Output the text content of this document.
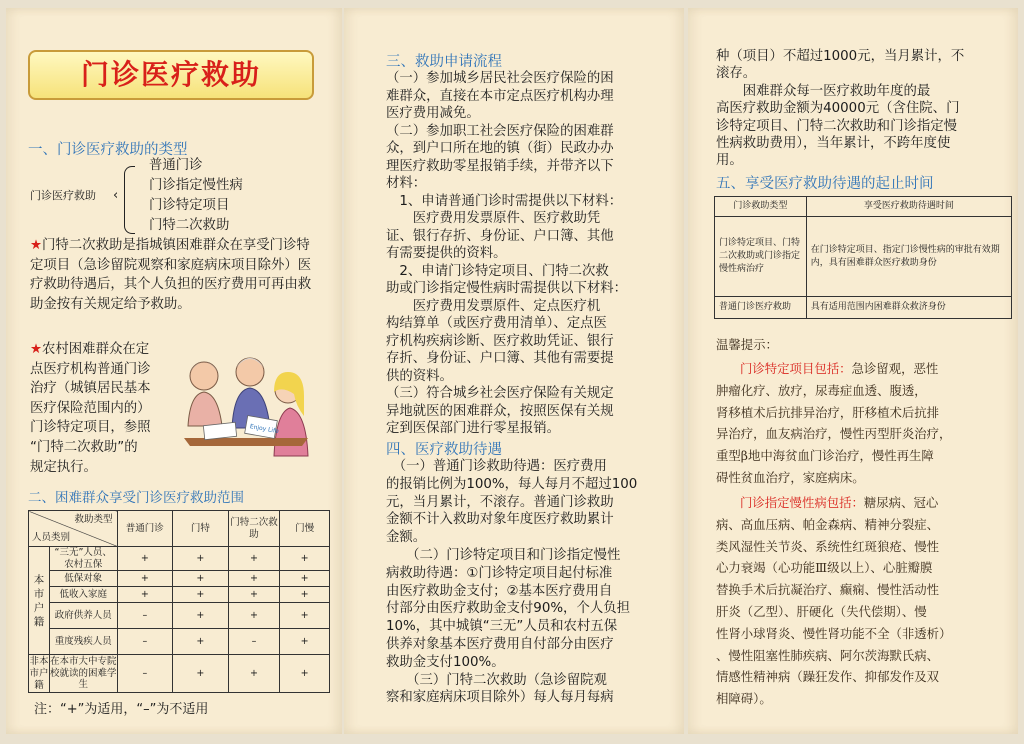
门诊医疗救助
一、门诊医疗救助的类型
门诊医疗救助 ‹
普通门诊
门诊指定慢性病
门诊特定项目
门特二次救助
★门特二次救助是指城镇困难群众在享受门诊特定项目（急诊留院观察和家庭病床项目除外）医疗救助待遇后，其个人负担的医疗费用可再由救助金按有关规定给予救助。
★农村困难群众在定
点医疗机构普通门诊
治疗（城镇居民基本
医疗保险范围内的）
门诊特定项目，参照
“门特二次救助”的
规定执行。
Enjoy Life
二、困难群众享受门诊医疗救助范围
救助类型
人员类别		普通门诊	门特	门特二次救助	门慢
本市户籍	“三无”人员、农村五保	+	+	+	+
	低保对象	+	+	+	+
	低收入家庭	+	+	+	+
	政府供养人员	–	+	+	+
	重度残疾人员	–	+	–	+
非本市户籍	在本市大中专院校就读的困难学生	–	+	+	+
注：“+”为适用，“–”为不适用
三、救助申请流程
（一）参加城乡居民社会医疗保险的困
难群众，直接在本市定点医疗机构办理
医疗费用减免。
（二）参加职工社会医疗保险的困难群
众，到户口所在地的镇（街）民政办办
理医疗救助零星报销手续，并带齐以下
材料：
　1、申请普通门诊时需提供以下材料：
　　医疗费用发票原件、医疗救助凭
证、银行存折、身份证、户口簿、其他
有需要提供的资料。
　2、申请门诊特定项目、门特二次救
助或门诊指定慢性病时需提供以下材料：
　　医疗费用发票原件、定点医疗机
构结算单（或医疗费用清单）、定点医
疗机构疾病诊断、医疗救助凭证、银行
存折、身份证、户口簿、其他有需要提
供的资料。
（三）符合城乡社会医疗保险有关规定
异地就医的困难群众，按照医保有关规
定到医保部门进行零星报销。
四、医疗救助待遇
　（一）普通门诊救助待遇：医疗费用
的报销比例为100%，每人每月不超过100
元，当月累计，不滚存。普通门诊救助
金额不计入救助对象年度医疗救助累计
金额。
　　（二）门诊特定项目和门诊指定慢性
病救助待遇：①门诊特定项目起付标准
由医疗救助金支付；②基本医疗费用自
付部分由医疗救助金支付90%，个人负担
10%，其中城镇“三无”人员和农村五保
供养对象基本医疗费用自付部分由医疗
救助金支付100%。
　　（三）门特二次救助（急诊留院观
察和家庭病床项目除外）每人每月每病
种（项目）不超过1000元，当月累计，不
滚存。
　　困难群众每一医疗救助年度的最
高医疗救助金额为40000元（含住院、门
诊特定项目、门特二次救助和门诊指定慢
性病救助费用），当年累计，不跨年度使
用。
五、享受医疗救助待遇的起止时间
门诊救助类型	享受医疗救助待遇时间
门诊特定项目、门特二次救助或门诊指定慢性病治疗	在门诊特定项目、指定门诊慢性病的审批有效期内，具有困难群众医疗救助身份
普通门诊医疗救助	具有适用范围内困难群众救济身份
温馨提示：
门诊特定项目包括：急诊留观，恶性
肿瘤化疗、放疗，尿毒症血透、腹透，
肾移植术后抗排异治疗，肝移植术后抗排
异治疗，血友病治疗，慢性丙型肝炎治疗，
重型β地中海贫血门诊治疗，慢性再生障
碍性贫血治疗，家庭病床。
门诊指定慢性病包括：糖尿病、冠心
病、高血压病、帕金森病、精神分裂症、
类风湿性关节炎、系统性红斑狼疮、慢性
心力衰竭（心功能Ⅲ级以上）、心脏瓣膜
替换手术后抗凝治疗、癫痫、慢性活动性
肝炎（乙型）、肝硬化（失代偿期）、慢
性肾小球肾炎、慢性肾功能不全（非透析）
、慢性阻塞性肺疾病、阿尔茨海默氏病、
情感性精神病（躁狂发作、抑郁发作及双
相障碍）。
